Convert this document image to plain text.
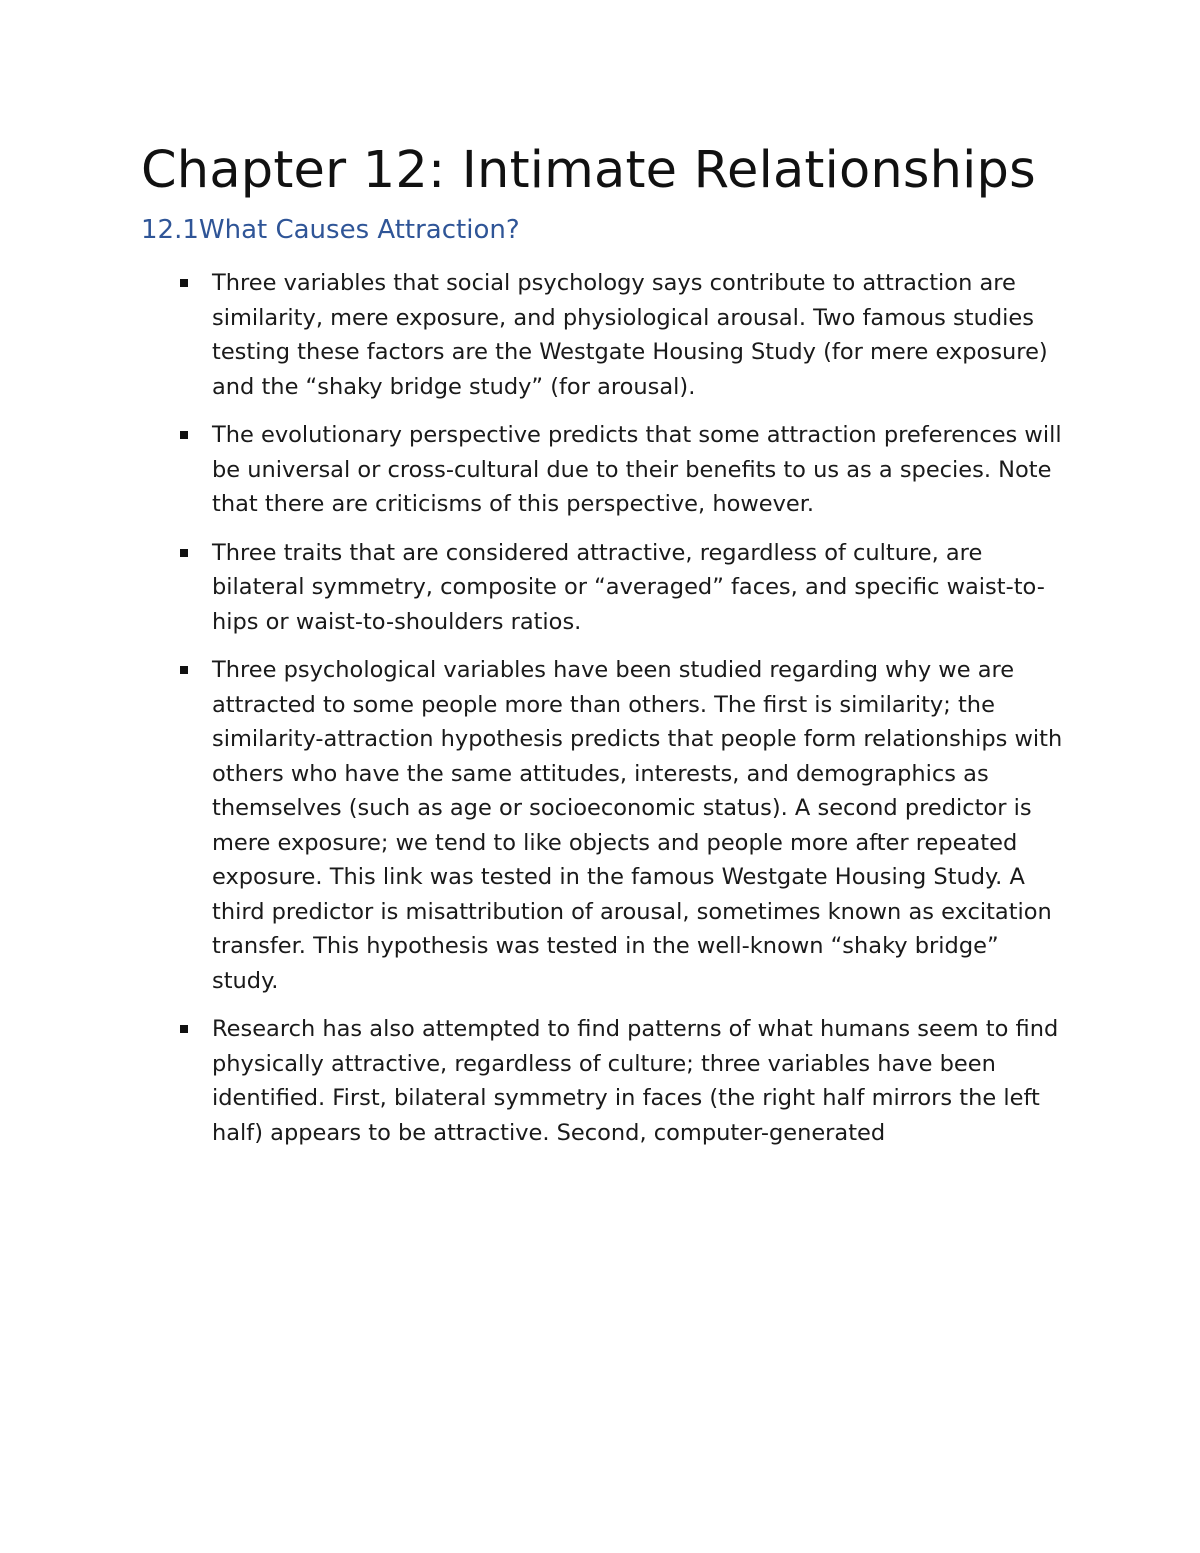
Chapter 12: Intimate Relationships
12.1What Causes Attraction?
Three variables that social psychology says contribute to attraction are similarity, mere exposure, and physiological arousal. Two famous studies testing these factors are the Westgate Housing Study (for mere exposure) and the “shaky bridge study” (for arousal).
The evolutionary perspective predicts that some attraction preferences will be universal or cross-cultural due to their benefits to us as a species. Note that there are criticisms of this perspective, however.
Three traits that are considered attractive, regardless of culture, are bilateral symmetry, composite or “averaged” faces, and specific waist-to-hips or waist-to-shoulders ratios.
Three psychological variables have been studied regarding why we are attracted to some people more than others. The first is similarity; the similarity-attraction hypothesis predicts that people form relationships with others who have the same attitudes, interests, and demographics as themselves (such as age or socioeconomic status). A second predictor is mere exposure; we tend to like objects and people more after repeated exposure. This link was tested in the famous Westgate Housing Study. A third predictor is misattribution of arousal, sometimes known as excitation transfer. This hypothesis was tested in the well-known “shaky bridge” study.
Research has also attempted to find patterns of what humans seem to find physically attractive, regardless of culture; three variables have been identified. First, bilateral symmetry in faces (the right half mirrors the left half) appears to be attractive. Second, computer-generated
